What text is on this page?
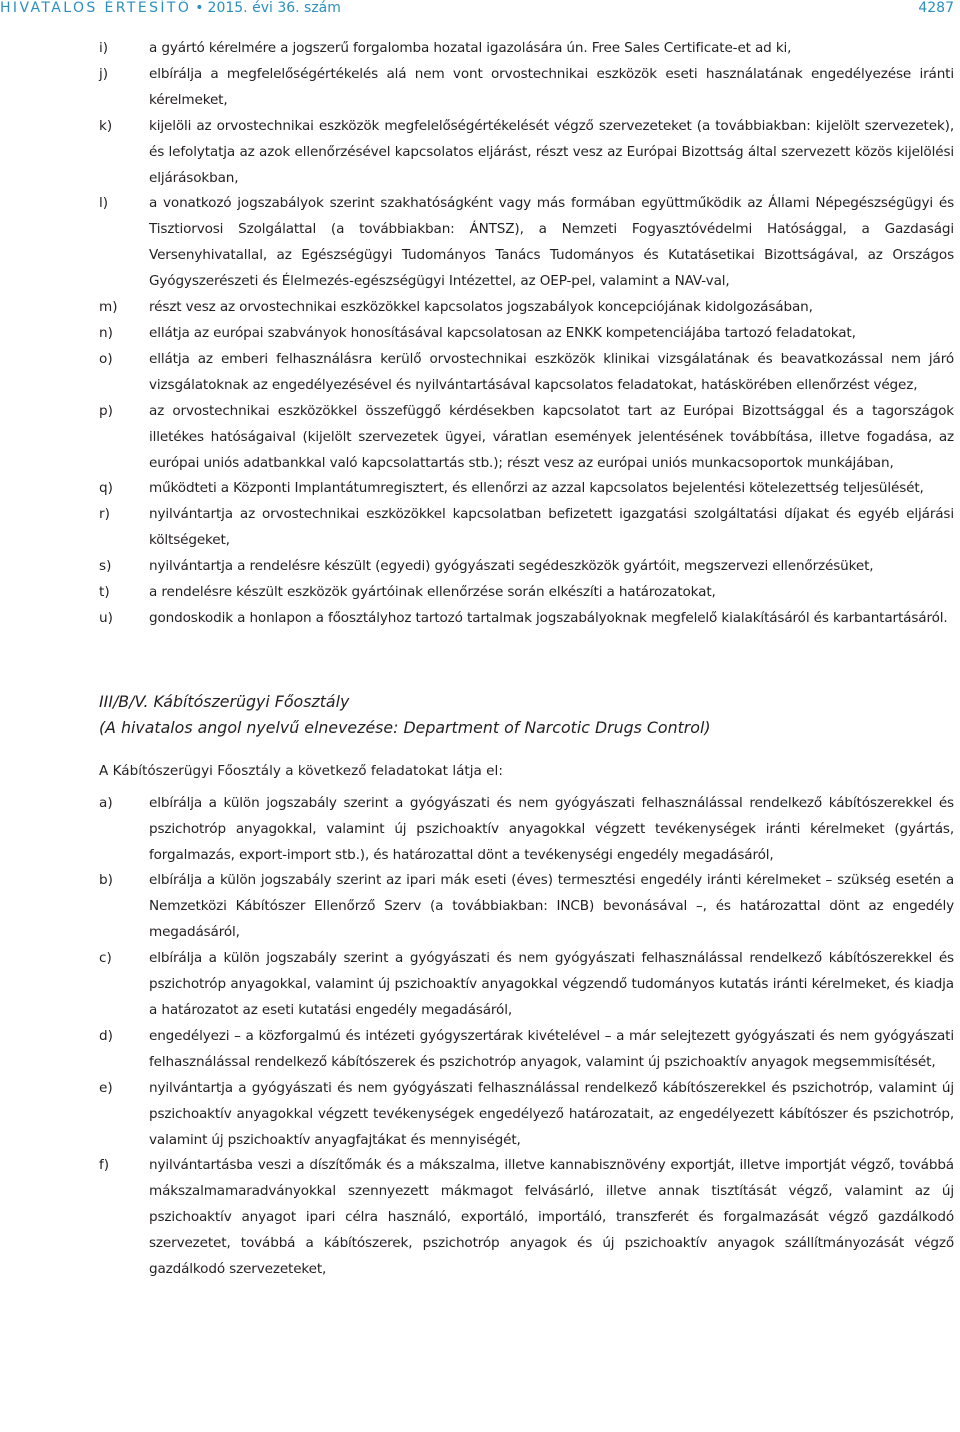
HIVATALOS ÉRTESÍTŐ • 2015. évi 36. szám	4287
i)	a gyártó kérelmére a jogszerű forgalomba hozatal igazolására ún. Free Sales Certificate-et ad ki,
j)	elbírálja a megfelelőségértékelés alá nem vont orvostechnikai eszközök eseti használatának engedélyezése iránti kérelmeket,
k)	kijelöli az orvostechnikai eszközök megfelelőségértékelését végző szervezeteket (a továbbiakban: kijelölt szervezetek), és lefolytatja az azok ellenőrzésével kapcsolatos eljárást, részt vesz az Európai Bizottság által szervezett közös kijelölési eljárásokban,
l)	a vonatkozó jogszabályok szerint szakhatóságként vagy más formában együttműködik az Állami Népegészségügyi és Tisztiorvosi Szolgálattal (a továbbiakban: ÁNTSZ), a Nemzeti Fogyasztóvédelmi Hatósággal, a Gazdasági Versenyhivatallal, az Egészségügyi Tudományos Tanács Tudományos és Kutatásetikai Bizottságával, az Országos Gyógyszerészeti és Élelmezés-egészségügyi Intézettel, az OEP-pel, valamint a NAV-val,
m) részt vesz az orvostechnikai eszközökkel kapcsolatos jogszabályok koncepciójának kidolgozásában,
n)	ellátja az európai szabványok honosításával kapcsolatosan az ENKK kompetenciájába tartozó feladatokat,
o)	ellátja az emberi felhasználásra kerülő orvostechnikai eszközök klinikai vizsgálatának és beavatkozással nem járó vizsgálatoknak az engedélyezésével és nyilvántartásával kapcsolatos feladatokat, hatáskörében ellenőrzést végez,
p)	az orvostechnikai eszközökkel összefüggő kérdésekben kapcsolatot tart az Európai Bizottsággal és a tagországok illetékes hatóságaival (kijelölt szervezetek ügyei, váratlan események jelentésének továbbítása, illetve fogadása, az európai uniós adatbankkal való kapcsolattartás stb.); részt vesz az európai uniós munkacsoportok munkájában,
q)	működteti a Központi Implantátumregisztert, és ellenőrzi az azzal kapcsolatos bejelentési kötelezettség teljesülését,
r)	nyilvántartja az orvostechnikai eszközökkel kapcsolatban befizetett igazgatási szolgáltatási díjakat és egyéb eljárási költségeket,
s)	nyilvántartja a rendelésre készült (egyedi) gyógyászati segédeszközök gyártóit, megszervezi ellenőrzésüket,
t)	a rendelésre készült eszközök gyártóinak ellenőrzése során elkészíti a határozatokat,
u)	gondoskodik a honlapon a főosztályhoz tartozó tartalmak jogszabályoknak megfelelő kialakításáról és karbantartásáról.

III/B/V. Kábítószerügyi Főosztály

(A hivatalos angol nyelvű elnevezése: Department of Narcotic Drugs Control)

A Kábítószerügyi Főosztály a következő feladatokat látja el:

a)	elbírálja a külön jogszabály szerint a gyógyászati és nem gyógyászati felhasználással rendelkező kábítószerekkel és pszichotróp anyagokkal, valamint új pszichoaktív anyagokkal végzett tevékenységek iránti kérelmeket (gyártás, forgalmazás, export-import stb.), és határozattal dönt a tevékenységi engedély megadásáról,
b)	elbírálja a külön jogszabály szerint az ipari mák eseti (éves) termesztési engedély iránti kérelmeket – szükség esetén a Nemzetközi Kábítószer Ellenőrző Szerv (a továbbiakban: INCB) bevonásával –, és határozattal dönt az engedély megadásáról,
c)	elbírálja a külön jogszabály szerint a gyógyászati és nem gyógyászati felhasználással rendelkező kábítószerekkel és pszichotróp anyagokkal, valamint új pszichoaktív anyagokkal végzendő tudományos kutatás iránti kérelmeket, és kiadja a határozatot az eseti kutatási engedély megadásáról,
d)	engedélyezi – a közforgalmú és intézeti gyógyszertárak kivételével – a már selejtezett gyógyászati és nem gyógyászati felhasználással rendelkező kábítószerek és pszichotróp anyagok, valamint új pszichoaktív anyagok megsemmisítését,
e)	nyilvántartja a gyógyászati és nem gyógyászati felhasználással rendelkező kábítószerekkel és pszichotróp, valamint új pszichoaktív anyagokkal végzett tevékenységek engedélyező határozatait, az engedélyezett kábítószer és pszichotróp, valamint új pszichoaktív anyagfajtákat és mennyiségét,
f)	nyilvántartásba veszi a díszítőmák és a mákszalma, illetve kannabisznövény exportját, illetve importját végző, továbbá mákszalmamaradványokkal szennyezett mákmagot felvásárló, illetve annak tisztítását végző, valamint az új pszichoaktív anyagot ipari célra használó, exportáló, importáló, transzferét és forgalmazását végző gazdálkodó szervezetet, továbbá a kábítószerek, pszichotróp anyagok és új pszichoaktív anyagok szállítmányozását végző gazdálkodó szervezeteket,
